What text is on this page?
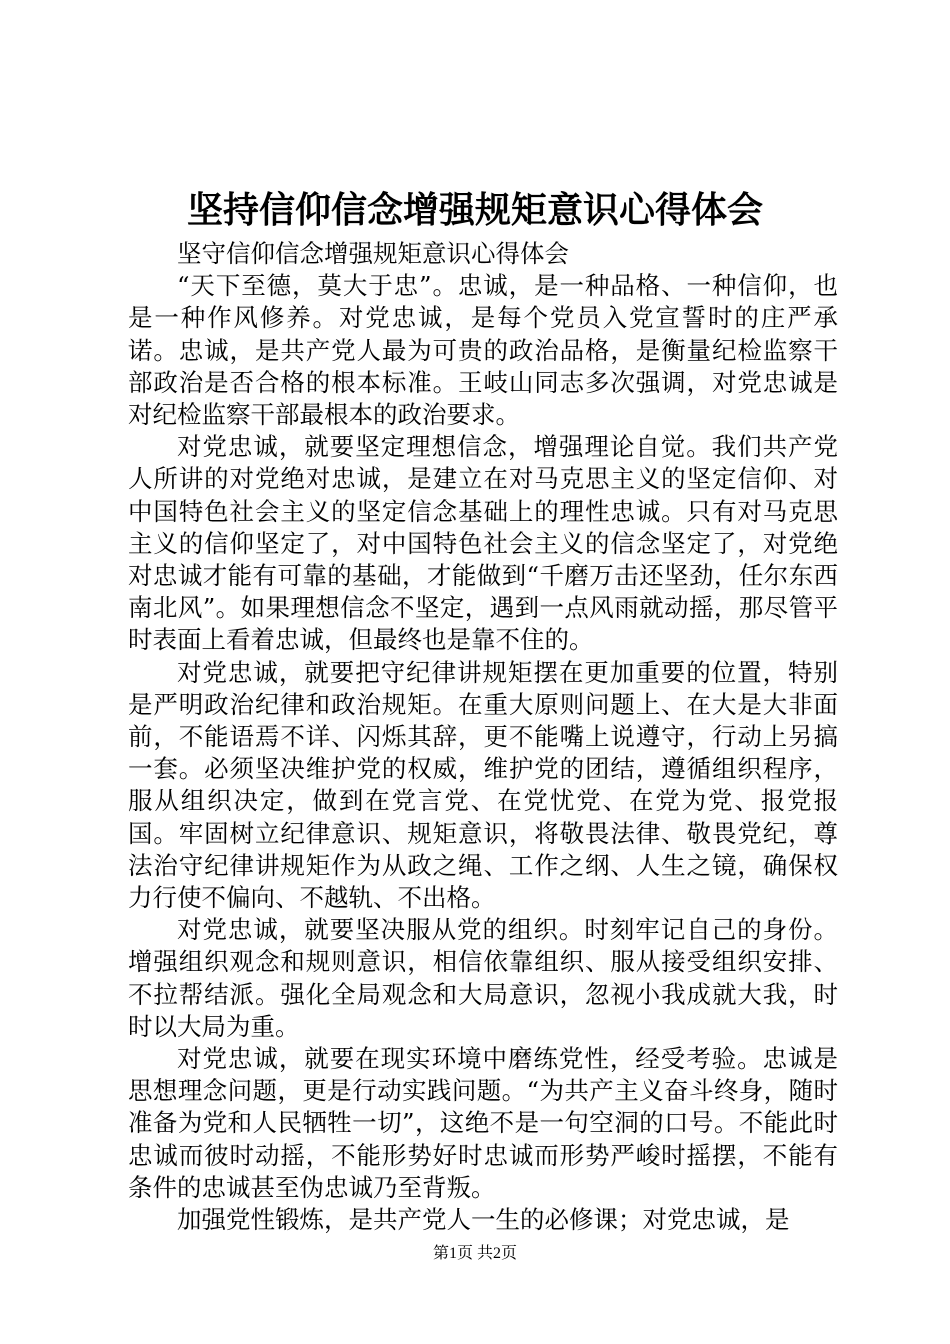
坚持信仰信念增强规矩意识心得体会

坚守信仰信念增强规矩意识心得体会

“天下至德，莫大于忠”。忠诚，是一种品格、一种信仰，也是一种作风修养。对党忠诚，是每个党员入党宣誓时的庄严承诺。忠诚，是共产党人最为可贵的政治品格，是衡量纪检监察干部政治是否合格的根本标准。王岐山同志多次强调，对党忠诚是对纪检监察干部最根本的政治要求。

对党忠诚，就要坚定理想信念，增强理论自觉。我们共产党人所讲的对党绝对忠诚，是建立在对马克思主义的坚定信仰、对中国特色社会主义的坚定信念基础上的理性忠诚。只有对马克思主义的信仰坚定了，对中国特色社会主义的信念坚定了，对党绝对忠诚才能有可靠的基础，才能做到“千磨万击还坚劲，任尔东西南北风”。如果理想信念不坚定，遇到一点风雨就动摇，那尽管平时表面上看着忠诚，但最终也是靠不住的。

对党忠诚，就要把守纪律讲规矩摆在更加重要的位置，特别是严明政治纪律和政治规矩。在重大原则问题上、在大是大非面前，不能语焉不详、闪烁其辞，更不能嘴上说遵守，行动上另搞一套。必须坚决维护党的权威，维护党的团结，遵循组织程序，服从组织决定，做到在党言党、在党忧党、在党为党、报党报国。牢固树立纪律意识、规矩意识，将敬畏法律、敬畏党纪，尊法治守纪律讲规矩作为从政之绳、工作之纲、人生之镜，确保权力行使不偏向、不越轨、不出格。

对党忠诚，就要坚决服从党的组织。时刻牢记自己的身份。增强组织观念和规则意识，相信依靠组织、服从接受组织安排、不拉帮结派。强化全局观念和大局意识，忽视小我成就大我，时时以大局为重。

对党忠诚，就要在现实环境中磨练党性，经受考验。忠诚是思想理念问题，更是行动实践问题。“为共产主义奋斗终身，随时准备为党和人民牺牲一切”，这绝不是一句空洞的口号。不能此时忠诚而彼时动摇，不能形势好时忠诚而形势严峻时摇摆，不能有条件的忠诚甚至伪忠诚乃至背叛。

加强党性锻炼，是共产党人一生的必修课；对党忠诚，是

第1页 共2页
